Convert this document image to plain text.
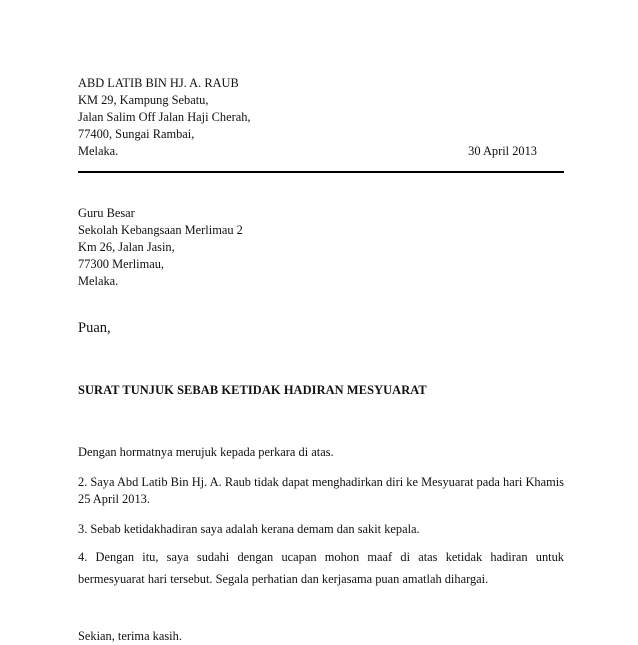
ABD LATIB BIN HJ. A. RAUB
KM 29, Kampung Sebatu,
Jalan Salim Off Jalan Haji Cherah,
77400, Sungai Rambai,
Melaka.	30 April 2013
Guru Besar
Sekolah Kebangsaan Merlimau 2
Km 26, Jalan Jasin,
77300 Merlimau,
Melaka.
Puan,
SURAT TUNJUK SEBAB KETIDAK HADIRAN MESYUARAT
Dengan hormatnya merujuk kepada perkara di atas.
2. Saya Abd Latib Bin Hj. A. Raub tidak dapat menghadirkan diri ke Mesyuarat pada hari Khamis 25 April 2013.
3. Sebab ketidakhadiran saya adalah kerana demam dan sakit kepala.
4. Dengan itu, saya sudahi dengan ucapan mohon maaf di atas ketidak hadiran untuk bermesyuarat hari tersebut. Segala perhatian dan kerjasama puan amatlah dihargai.
Sekian, terima kasih.
